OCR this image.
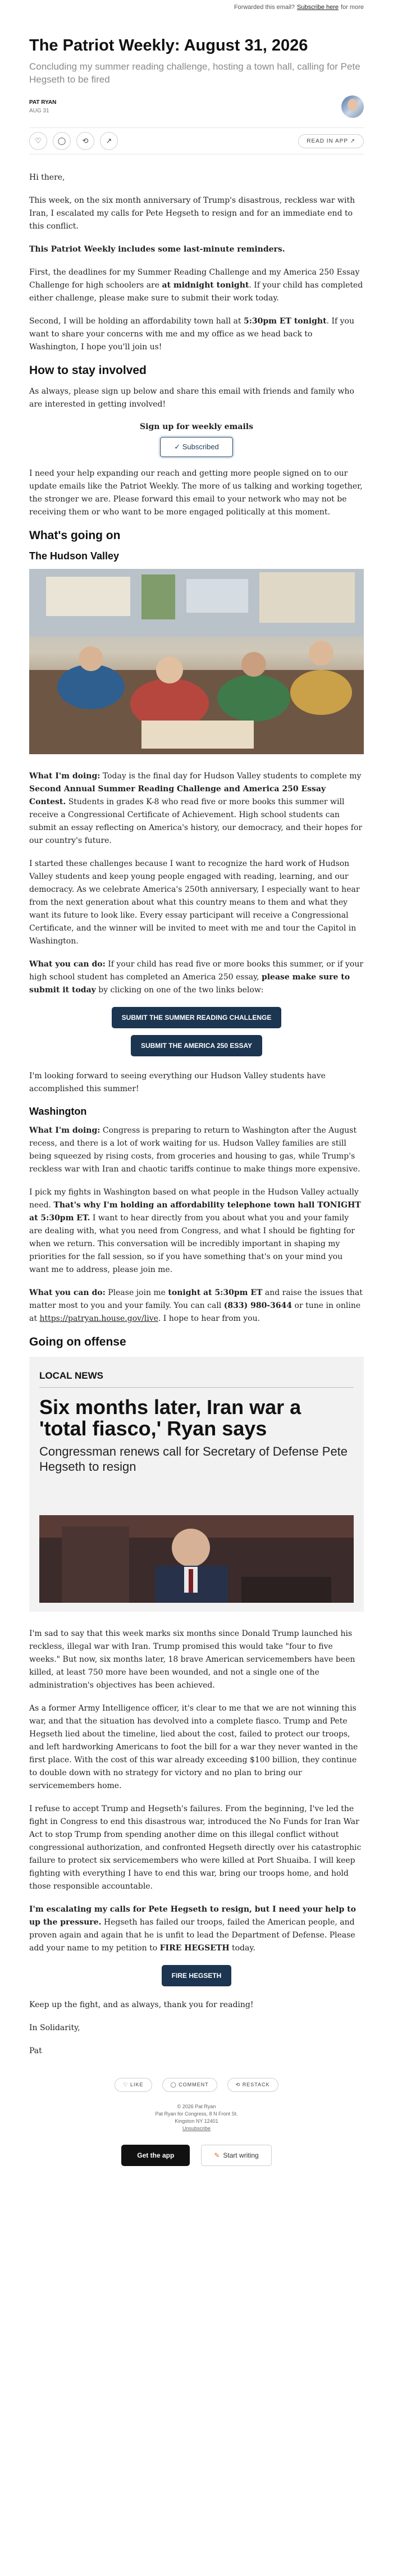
Forwarded this email? Subscribe here for more
The Patriot Weekly: August 31, 2026
Concluding my summer reading challenge, hosting a town hall, calling for Pete Hegseth to be fired
PAT RYAN
AUG 31
♡	◯	⟲	↗	READ IN APP ↗

Hi there,

This week, on the six month anniversary of Trump's disastrous, reckless war with Iran, I escalated my calls for Pete Hegseth to resign and for an immediate end to this conflict.

This Patriot Weekly includes some last-minute reminders.

First, the deadlines for my Summer Reading Challenge and my America 250 Essay Challenge for high schoolers are at midnight tonight. If your child has completed either challenge, please make sure to submit their work today.

Second, I will be holding an affordability town hall at 5:30pm ET tonight. If you want to share your concerns with me and my office as we head back to Washington, I hope you'll join us!

How to stay involved

As always, please sign up below and share this email with friends and family who are interested in getting involved!

Sign up for weekly emails
✓ Subscribed

I need your help expanding our reach and getting more people signed on to our update emails like the Patriot Weekly. The more of us talking and working together, the stronger we are. Please forward this email to your network who may not be receiving them or who want to be more engaged politically at this moment.

What's going on
The Hudson Valley

What I'm doing: Today is the final day for Hudson Valley students to complete my Second Annual Summer Reading Challenge and America 250 Essay Contest. Students in grades K-8 who read five or more books this summer will receive a Congressional Certificate of Achievement. High school students can submit an essay reflecting on America's history, our democracy, and their hopes for our country's future.

I started these challenges because I want to recognize the hard work of Hudson Valley students and keep young people engaged with reading, learning, and our democracy. As we celebrate America's 250th anniversary, I especially want to hear from the next generation about what this country means to them and what they want its future to look like. Every essay participant will receive a Congressional Certificate, and the winner will be invited to meet with me and tour the Capitol in Washington.

What you can do: If your child has read five or more books this summer, or if your high school student has completed an America 250 essay, please make sure to submit it today by clicking on one of the two links below:

SUBMIT THE SUMMER READING CHALLENGE
SUBMIT THE AMERICA 250 ESSAY

I'm looking forward to seeing everything our Hudson Valley students have accomplished this summer!

Washington

What I'm doing: Congress is preparing to return to Washington after the August recess, and there is a lot of work waiting for us. Hudson Valley families are still being squeezed by rising costs, from groceries and housing to gas, while Trump's reckless war with Iran and chaotic tariffs continue to make things more expensive.

I pick my fights in Washington based on what people in the Hudson Valley actually need. That's why I'm holding an affordability telephone town hall TONIGHT at 5:30pm ET. I want to hear directly from you about what you and your family are dealing with, what you need from Congress, and what I should be fighting for when we return. This conversation will be incredibly important in shaping my priorities for the fall session, so if you have something that's on your mind you want me to address, please join me.

What you can do: Please join me tonight at 5:30pm ET and raise the issues that matter most to you and your family. You can call (833) 980-3644 or tune in online at https://patryan.house.gov/live. I hope to hear from you.

Going on offense
LOCAL NEWS
Six months later, Iran war a 'total fiasco,' Ryan says
Congressman renews call for Secretary of Defense Pete Hegseth to resign

I'm sad to say that this week marks six months since Donald Trump launched his reckless, illegal war with Iran. Trump promised this would take "four to five weeks." But now, six months later, 18 brave American servicemembers have been killed, at least 750 more have been wounded, and not a single one of the administration's objectives has been achieved.

As a former Army Intelligence officer, it's clear to me that we are not winning this war, and that the situation has devolved into a complete fiasco. Trump and Pete Hegseth lied about the timeline, lied about the cost, failed to protect our troops, and left hardworking Americans to foot the bill for a war they never wanted in the first place. With the cost of this war already exceeding $100 billion, they continue to double down with no strategy for victory and no plan to bring our servicemembers home.

I refuse to accept Trump and Hegseth's failures. From the beginning, I've led the fight in Congress to end this disastrous war, introduced the No Funds for Iran War Act to stop Trump from spending another dime on this illegal conflict without congressional authorization, and confronted Hegseth directly over his catastrophic failure to protect six servicemembers who were killed at Port Shuaiba. I will keep fighting with everything I have to end this war, bring our troops home, and hold those responsible accountable.

I'm escalating my calls for Pete Hegseth to resign, but I need your help to up the pressure. Hegseth has failed our troops, failed the American people, and proven again and again that he is unfit to lead the Department of Defense. Please add your name to my petition to FIRE HEGSETH today.

FIRE HEGSETH

Keep up the fight, and as always, thank you for reading!

In Solidarity,

Pat

♡ LIKE	◯ COMMENT	⟲ RESTACK
© 2026 Pat Ryan
Pat Ryan for Congress, 8 N Front St.
Kingston NY 12401
Unsubscribe
Get the app	✎ Start writing
